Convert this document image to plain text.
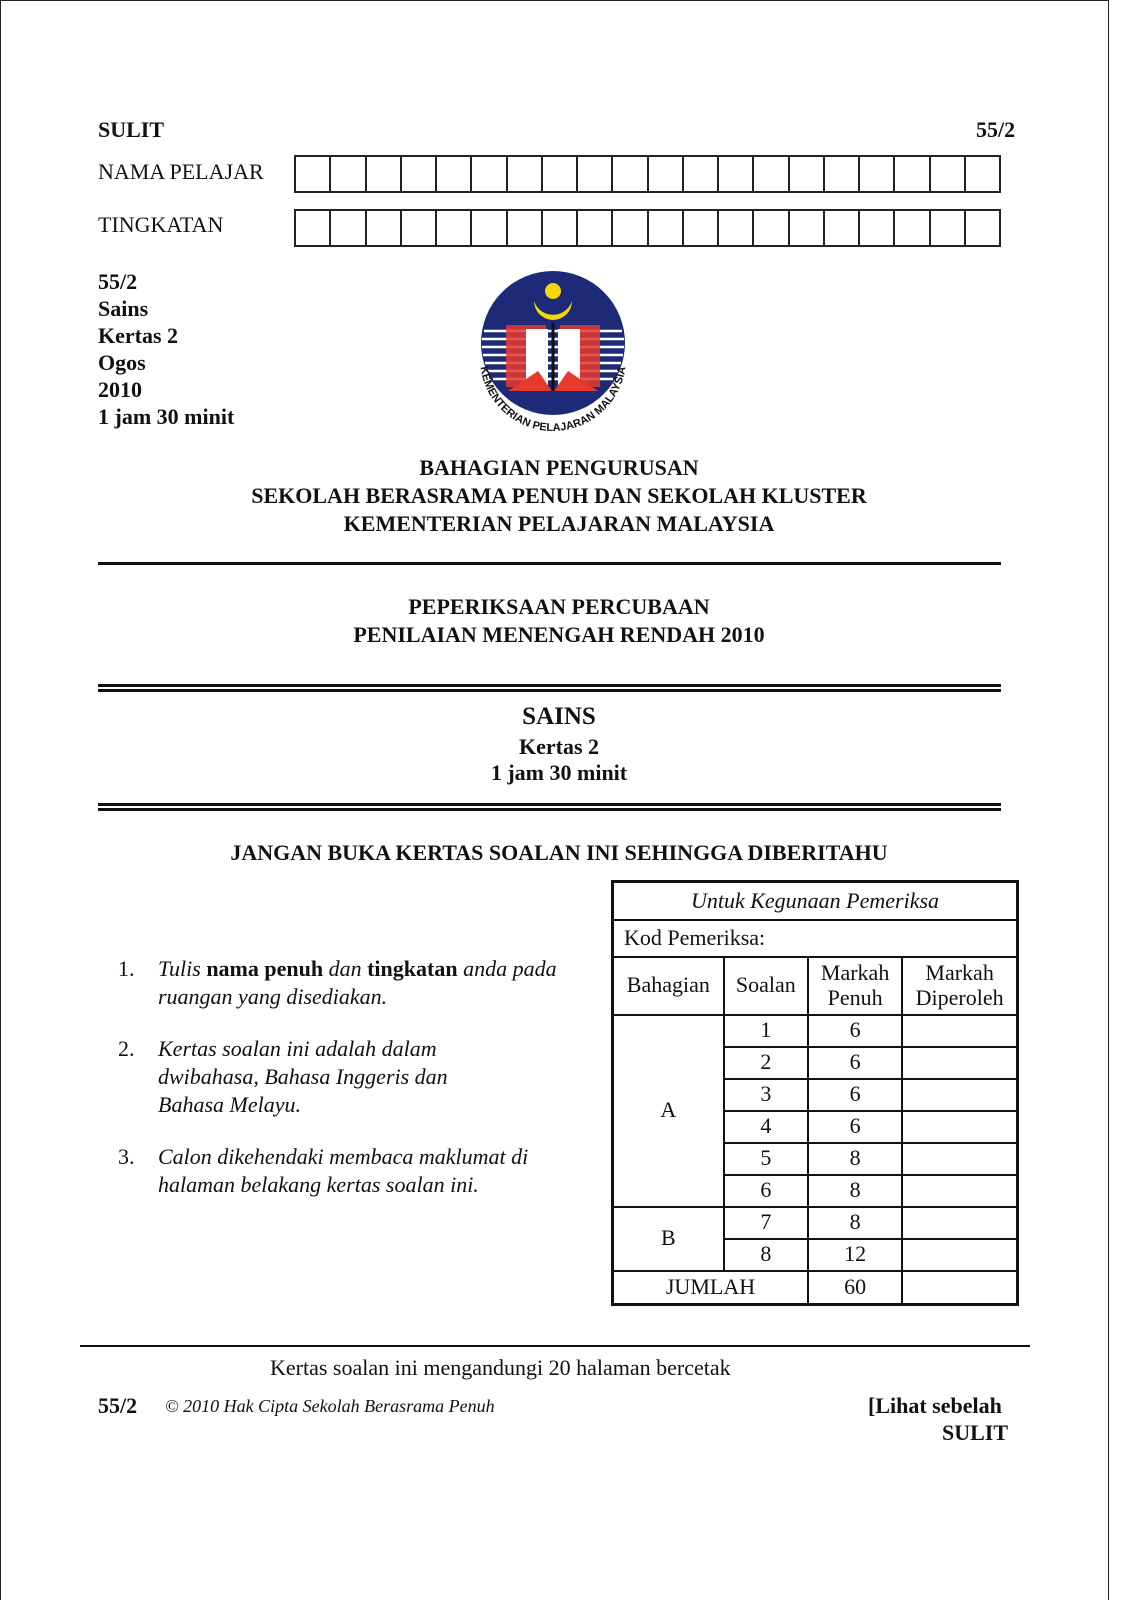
SULIT	55/2
NAMA PELAJAR
TINGKATAN
55/2
Sains
Kertas 2
Ogos
2010
1 jam 30 minit
KEMENTERIAN PELAJARAN MALAYSIA
BAHAGIAN PENGURUSAN
SEKOLAH BERASRAMA PENUH DAN SEKOLAH KLUSTER
KEMENTERIAN PELAJARAN MALAYSIA
PEPERIKSAAN PERCUBAAN
PENILAIAN MENENGAH RENDAH 2010
SAINS
Kertas 2
1 jam 30 minit
JANGAN BUKA KERTAS SOALAN INI SEHINGGA DIBERITAHU
1. Tulis nama penuh dan tingkatan anda pada ruangan yang disediakan.
2. Kertas soalan ini adalah dalam dwibahasa, Bahasa Inggeris dan Bahasa Melayu.
3. Calon dikehendaki membaca maklumat di halaman belakang kertas soalan ini.
Untuk Kegunaan Pemeriksa			
Kod Pemeriksa:			
Bahagian	Soalan	Markah Penuh	Markah Diperoleh
A	1	6	
	2	6	
	3	6	
	4	6	
	5	8	
	6	8	
B	7	8	
	8	12	
JUMLAH		60	
Kertas soalan ini mengandungi 20 halaman bercetak
55/2 © 2010 Hak Cipta Sekolah Berasrama Penuh	[Lihat sebelah
SULIT
